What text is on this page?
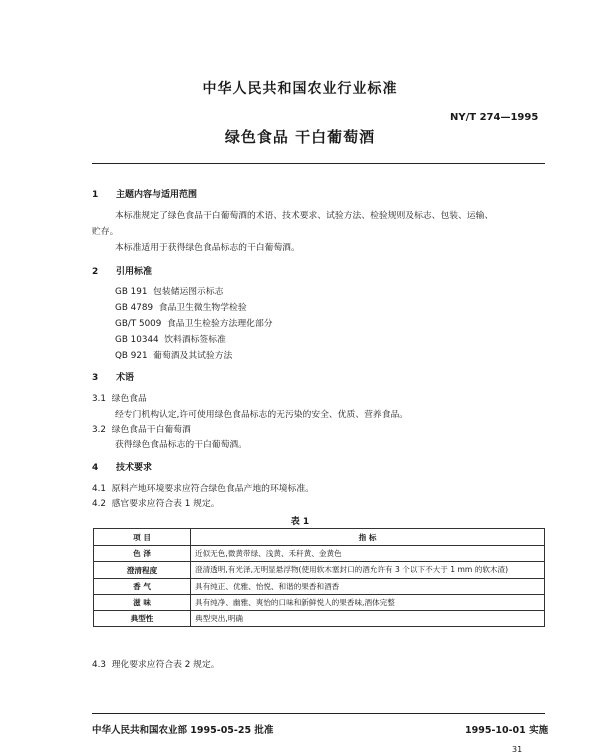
中华人民共和国农业行业标准
NY/T 274—1995
绿色食品 干白葡萄酒
1 主题内容与适用范围
本标准规定了绿色食品干白葡萄酒的术语、技术要求、试验方法、检验规则及标志、包装、运输、
贮存。
本标准适用于获得绿色食品标志的干白葡萄酒。
2 引用标准
GB 191 包装储运图示标志
GB 4789 食品卫生微生物学检验
GB/T 5009 食品卫生检验方法理化部分
GB 10344 饮料酒标签标准
QB 921 葡萄酒及其试验方法
3 术语
3.1 绿色食品
经专门机构认定,许可使用绿色食品标志的无污染的安全、优质、营养食品。
3.2 绿色食品干白葡萄酒
获得绿色食品标志的干白葡萄酒。
4 技术要求
4.1 原料产地环境要求应符合绿色食品产地的环境标准。
4.2 感官要求应符合表 1 规定。
表 1
项 目	指 标
色 泽	近似无色,微黄带绿、浅黄、禾秆黄、金黄色
澄清程度	澄清透明,有光泽,无明显悬浮物(使用软木塞封口的酒允许有 3 个以下不大于 1 mm 的软木渣)
香 气	具有纯正、优雅、怡悦、和谐的果香和酒香
滋 味	具有纯净、幽雅、爽怡的口味和新鲜悦人的果香味,酒体完整
典型性	典型突出,明确
4.3 理化要求应符合表 2 规定。
中华人民共和国农业部 1995-05-25 批准	1995-10-01 实施
31
